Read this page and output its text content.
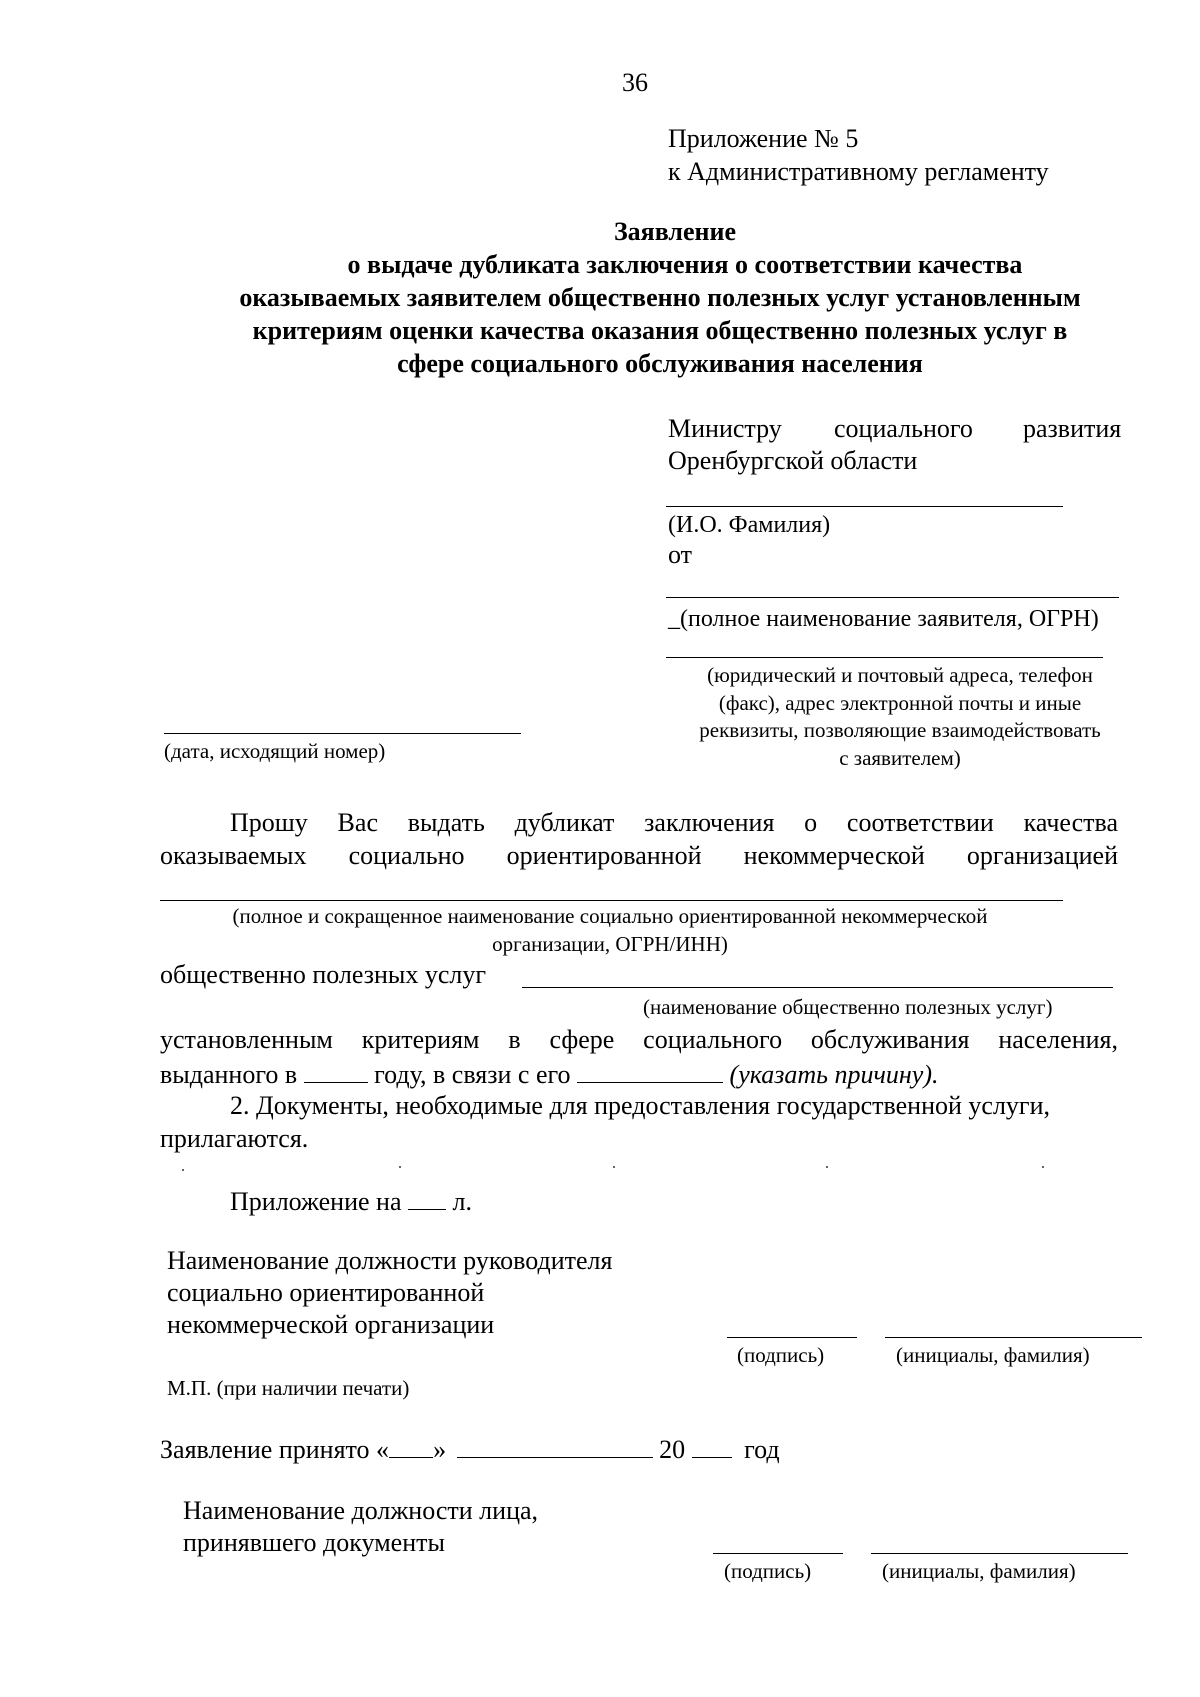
36
Приложение № 5
к Административному регламенту
Заявление
о выдаче дубликата заключения о соответствии качества
оказываемых заявителем общественно полезных услуг установленным
критериям оценки качества оказания общественно полезных услуг в
сфере социального обслуживания населения
Министру социального развития
Оренбургской области
(И.О. Фамилия)
от
_(полное наименование заявителя, ОГРН)
(юридический и почтовый адреса, телефон
(факс), адрес электронной почты и иные
реквизиты, позволяющие взаимодействовать
с заявителем)
(дата, исходящий номер)
Прошу Вас выдать дубликат заключения о соответствии качества
оказываемых социально ориентированной некоммерческой организацией
(полное и сокращенное наименование социально ориентированной некоммерческой
организации, ОГРН/ИНН)
общественно полезных услуг
(наименование общественно полезных услуг)
установленным критериям в сфере социального обслуживания населения,
выданного в	году, в связи с его	(указать причину).
2. Документы, необходимые для предоставления государственной услуги,
прилагаются.
Приложение на л.
Наименование должности руководителя
социально ориентированной
некоммерческой организации
(подпись)	(инициалы, фамилия)
М.П. (при наличии печати)
Заявление принято « »	20 год
Наименование должности лица,
принявшего документы
(подпись)	(инициалы, фамилия)
